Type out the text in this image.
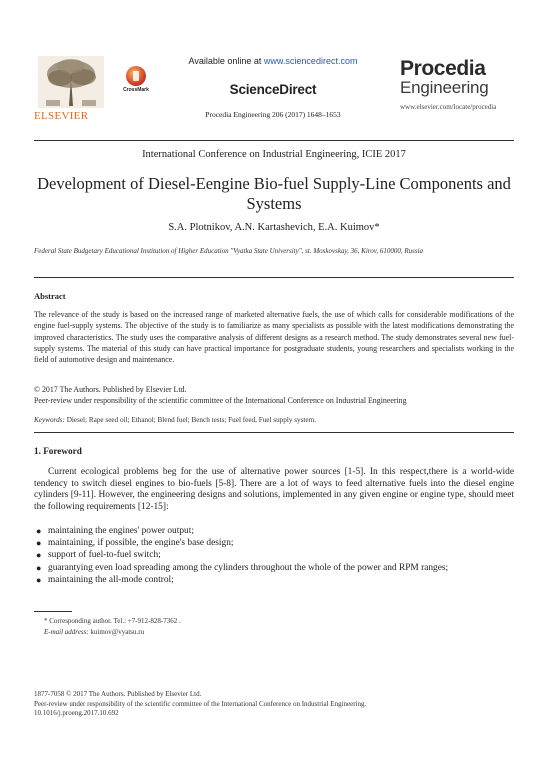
ELSEVIER
CrossMark
Available online at www.sciencedirect.com
ScienceDirect
Procedia Engineering 206 (2017) 1648–1653
Procedia
Engineering
www.elsevier.com/locate/procedia
International Conference on Industrial Engineering, ICIE 2017
Development of Diesel-Eengine Bio-fuel Supply-Line Components and Systems
S.A. Plotnikov, A.N. Kartashevich, E.A. Kuimov*
Federal State Budgetary Educational Institution of Higher Education "Vyatka State University", st. Moskovskay, 36, Kirov, 610000, Russia
Abstract
The relevance of the study is based on the increased range of marketed alternative fuels, the use of which calls for considerable modifications of the engine fuel-supply systems. The objective of the study is to familiarize as many specialists as possible with the latest modifications demonstrating the improved characteristics. The study uses the comparative analysis of different designs as a research method. The study demonstrates several new fuel-supply systems. The material of this study can have practical importance for postgraduate students, young researchers and specialists working in the field of automotive design and maintenance.
© 2017 The Authors. Published by Elsevier Ltd.
Peer-review under responsibility of the scientific committee of the International Conference on Industrial Engineering
Keywords: Diesel; Rape seed oil; Ethanol; Blend fuel; Bench tests; Fuel feed, Fuel supply system.
1. Foreword
Current ecological problems beg for the use of alternative power sources [1-5]. In this respect,there is a world-wide tendency to switch diesel engines to bio-fuels [5-8]. There are a lot of ways to feed alternative fuels into the diesel engine cylinders [9-11]. However, the engineering designs and solutions, implemented in any given engine or engine type, should meet the following requirements [12-15]:
● maintaining the engines' power output;
● maintaining, if possible, the engine's base design;
● support of fuel-to-fuel switch;
● guarantying even load spreading among the cylinders throughout the whole of the power and RPM ranges;
● maintaining the all-mode control;
* Corresponding author. Tel.: +7-912-828-7362 .
E-mail address: kuimov@vyatsu.ru
1877-7058 © 2017 The Authors. Published by Elsevier Ltd.
Peer-review under responsibility of the scientific committee of the International Conference on Industrial Engineering.
10.1016/j.proeng.2017.10.692
